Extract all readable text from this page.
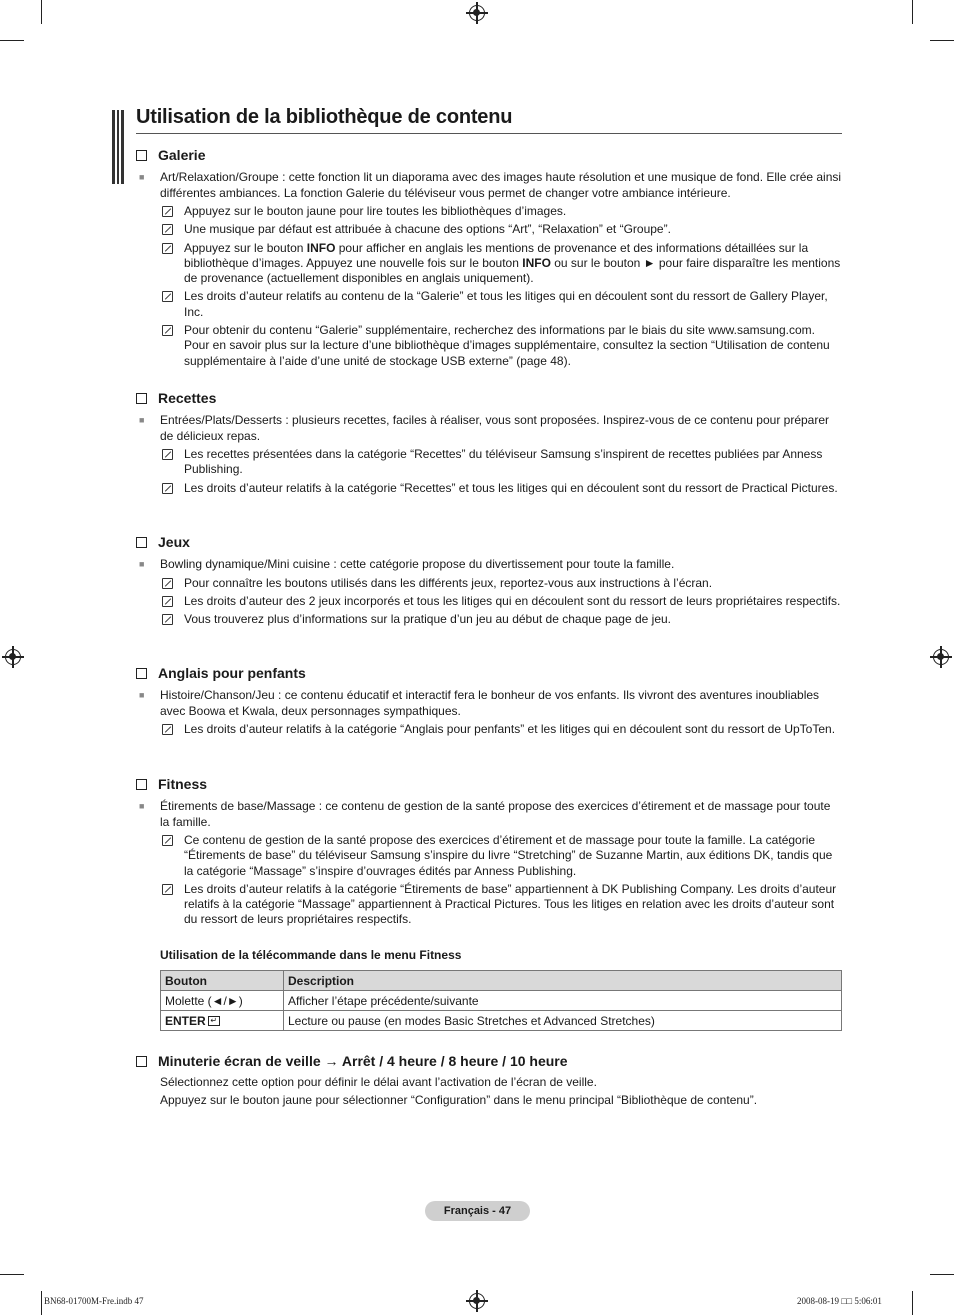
Utilisation de la bibliothèque de contenu
Galerie
■	Art/Relaxation/Groupe : cette fonction lit un diaporama avec des images haute résolution et une musique de fond. Elle crée ainsi différentes ambiances. La fonction Galerie du téléviseur vous permet de changer votre ambiance intérieure.
Appuyez sur le bouton jaune pour lire toutes les bibliothèques d’images.
Une musique par défaut est attribuée à chacune des options “Art”, “Relaxation” et “Groupe”.
Appuyez sur le bouton INFO pour afficher en anglais les mentions de provenance et des informations détaillées sur la bibliothèque d’images. Appuyez une nouvelle fois sur le bouton INFO ou sur le bouton ► pour faire disparaître les mentions de provenance (actuellement disponibles en anglais uniquement).
Les droits d’auteur relatifs au contenu de la “Galerie” et tous les litiges qui en découlent sont du ressort de Gallery Player, Inc.
Pour obtenir du contenu “Galerie” supplémentaire, recherchez des informations par le biais du site www.samsung.com. Pour en savoir plus sur la lecture d’une bibliothèque d’images supplémentaire, consultez la section “Utilisation de contenu supplémentaire à l’aide d’une unité de stockage USB externe” (page 48).
Recettes
■	Entrées/Plats/Desserts : plusieurs recettes, faciles à réaliser, vous sont proposées. Inspirez-vous de ce contenu pour préparer de délicieux repas.
Les recettes présentées dans la catégorie “Recettes” du téléviseur Samsung s’inspirent de recettes publiées par Anness Publishing.
Les droits d’auteur relatifs à la catégorie “Recettes” et tous les litiges qui en découlent sont du ressort de Practical Pictures.
Jeux
■	Bowling dynamique/Mini cuisine : cette catégorie propose du divertissement pour toute la famille.
Pour connaître les boutons utilisés dans les différents jeux, reportez-vous aux instructions à l’écran.
Les droits d’auteur des 2 jeux incorporés et tous les litiges qui en découlent sont du ressort de leurs propriétaires respectifs.
Vous trouverez plus d’informations sur la pratique d’un jeu au début de chaque page de jeu.
Anglais pour penfants
■	Histoire/Chanson/Jeu : ce contenu éducatif et interactif fera le bonheur de vos enfants. Ils vivront des aventures inoubliables avec Boowa et Kwala, deux personnages sympathiques.
Les droits d’auteur relatifs à la catégorie “Anglais pour penfants” et les litiges qui en découlent sont du ressort de UpToTen.
Fitness
■	Étirements de base/Massage : ce contenu de gestion de la santé propose des exercices d’étirement et de massage pour toute la famille.
Ce contenu de gestion de la santé propose des exercices d’étirement et de massage pour toute la famille. La catégorie “Étirements de base” du téléviseur Samsung s’inspire du livre “Stretching” de Suzanne Martin, aux éditions DK, tandis que la catégorie “Massage” s’inspire d’ouvrages édités par Anness Publishing.
Les droits d’auteur relatifs à la catégorie “Étirements de base” appartiennent à DK Publishing Company. Les droits d’auteur relatifs à la catégorie “Massage” appartiennent à Practical Pictures. Tous les litiges en relation avec les droits d’auteur sont du ressort de leurs propriétaires respectifs.
Utilisation de la télécommande dans le menu Fitness
Bouton	Description
Molette (◄/►)	Afficher l’étape précédente/suivante
ENTER ↵	Lecture ou pause (en modes Basic Stretches et Advanced Stretches)
Minuterie écran de veille → Arrêt / 4 heure / 8 heure / 10 heure
Sélectionnez cette option pour définir le délai avant l’activation de l’écran de veille.
Appuyez sur le bouton jaune pour sélectionner “Configuration” dans le menu principal “Bibliothèque de contenu”.
Français - 47
BN68-01700M-Fre.indb 47	2008-08-19 □□ 5:06:01
